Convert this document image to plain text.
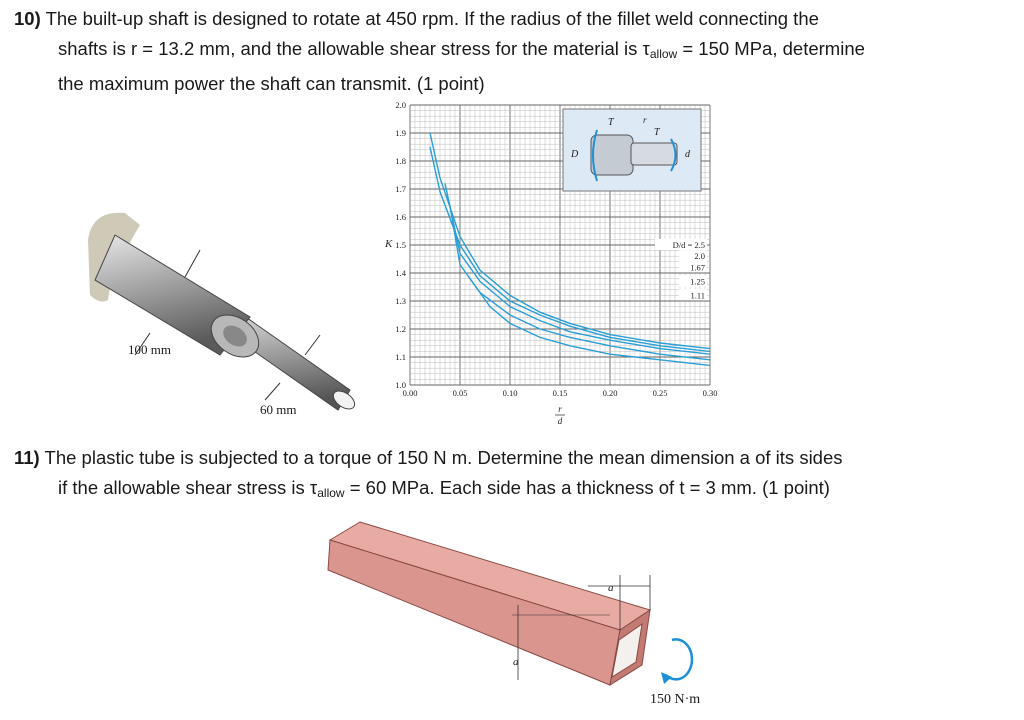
10) The built-up shaft is designed to rotate at 450 rpm. If the radius of the fillet weld connecting the
shafts is r = 13.2 mm, and the allowable shear stress for the material is $\tau_{allow} = 150$ MPa, determine
the maximum power the shaft can transmit. (1 point)
100 mm
60 mm
1.0
1.1
1.2
1.3
1.4
1.5
1.6
1.7
1.8
1.9
2.0
0.00	0.05	0.10	0.15	0.20	0.25	0.30
D/d = 2.5
2.0
1.67
1.25
1.11
D	d
T
T
r
K
r
d
11) The plastic tube is subjected to a torque of 150 N m. Determine the mean dimension a of its sides
if the allowable shear stress is $\tau_{allow} = 60$ MPa. Each side has a thickness of t = 3 mm. (1 point)
a
a
150 N·m
